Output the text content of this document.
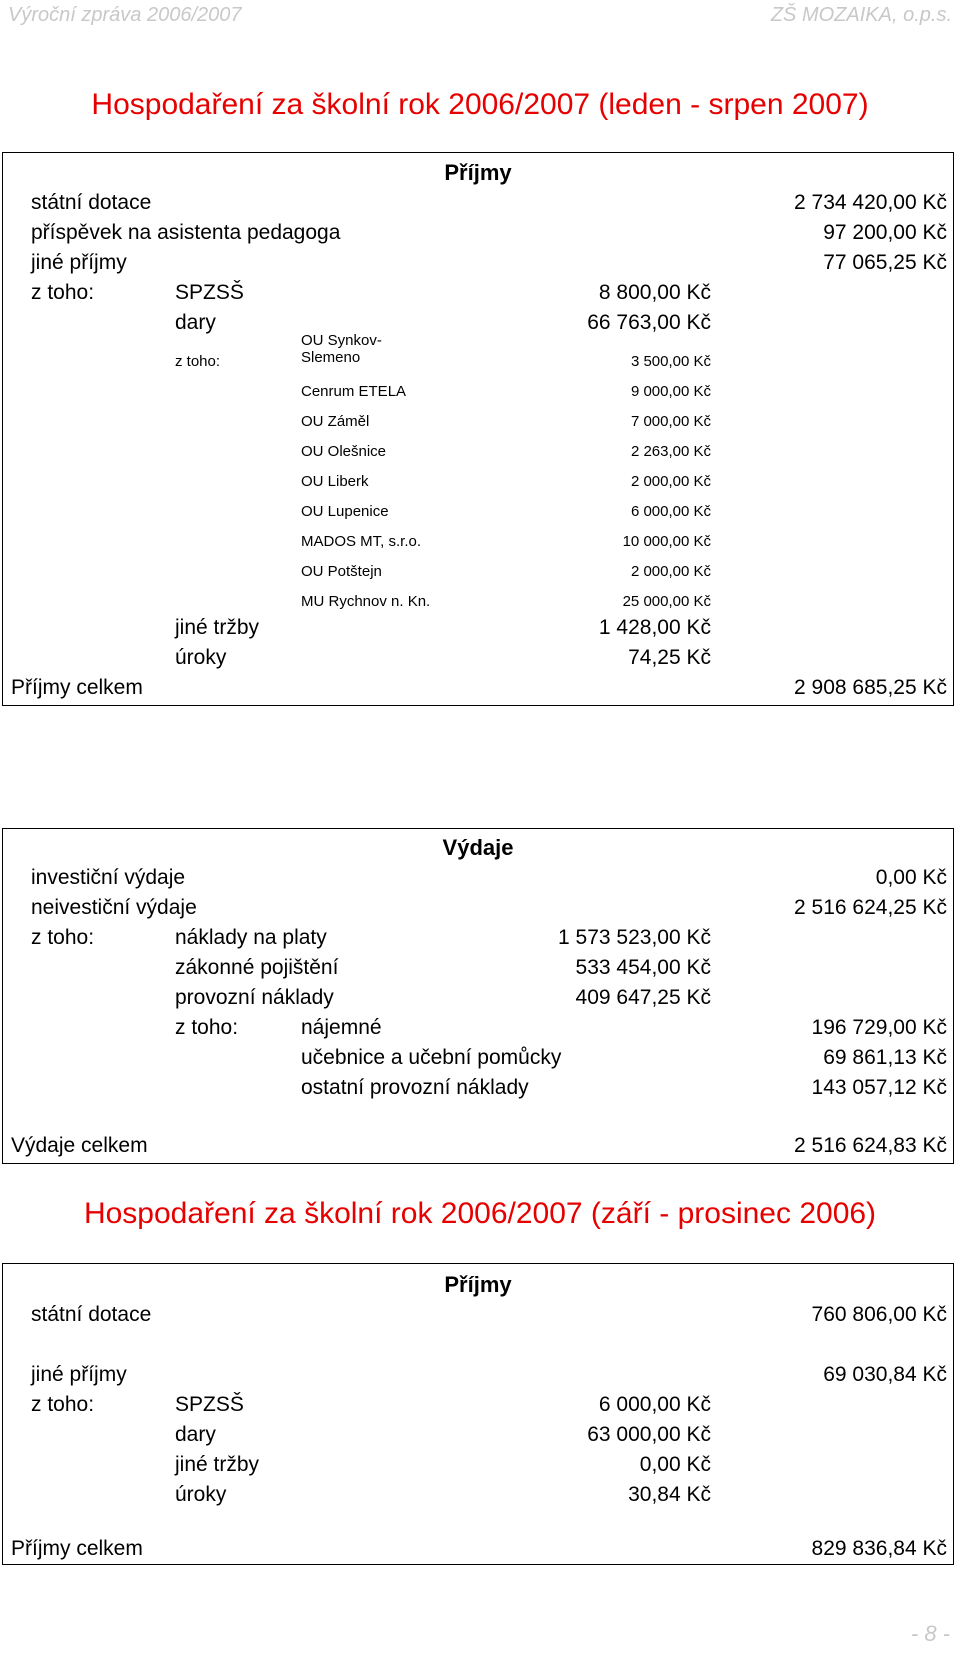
Výroční zpráva 2006/2007	ZŠ MOZAIKA, o.p.s.
Hospodaření za školní rok 2006/2007 (leden - srpen 2007)
Příjmy
státní dotace	2 734 420,00 Kč
příspěvek na asistenta pedagoga	97 200,00 Kč
jiné příjmy	77 065,25 Kč
z toho:	SPZSŠ	8 800,00 Kč
dary	66 763,00 Kč
z toho:
OU Synkov-
Slemeno	3 500,00 Kč
Cenrum ETELA	9 000,00 Kč
OU Záměl	7 000,00 Kč
OU Olešnice	2 263,00 Kč
OU Liberk	2 000,00 Kč
OU Lupenice	6 000,00 Kč
MADOS MT, s.r.o.	10 000,00 Kč
OU Potštejn	2 000,00 Kč
MU Rychnov n. Kn.	25 000,00 Kč
jiné tržby	1 428,00 Kč
úroky	74,25 Kč
Příjmy celkem	2 908 685,25 Kč
Výdaje
investiční výdaje	0,00 Kč
neivestiční výdaje	2 516 624,25 Kč
z toho:	náklady na platy	1 573 523,00 Kč
zákonné pojištění	533 454,00 Kč
provozní náklady	409 647,25 Kč
z toho:	nájemné	196 729,00 Kč
učebnice a učební pomůcky	69 861,13 Kč
ostatní provozní náklady	143 057,12 Kč
Výdaje celkem	2 516 624,83 Kč
Hospodaření za školní rok 2006/2007 (září - prosinec 2006)
Příjmy
státní dotace	760 806,00 Kč
jiné příjmy	69 030,84 Kč
z toho:	SPZSŠ	6 000,00 Kč
dary	63 000,00 Kč
jiné tržby	0,00 Kč
úroky	30,84 Kč
Příjmy celkem	829 836,84 Kč
- 8 -
